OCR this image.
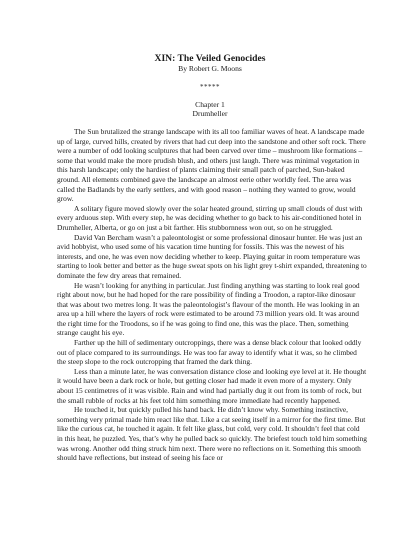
XIN: The Veiled Genocides
By Robert G. Moons
*****
Chapter 1
Drumheller

The Sun brutalized the strange landscape with its all too familiar waves of heat. A landscape made up of large, curved hills, created by rivers that had cut deep into the sandstone and other soft rock. There were a number of odd looking sculptures that had been carved over time – mushroom like formations – some that would make the more prudish blush, and others just laugh. There was minimal vegetation in this harsh landscape; only the hardiest of plants claiming their small patch of parched, Sun-baked ground. All elements combined gave the landscape an almost eerie other worldly feel. The area was called the Badlands by the early settlers, and with good reason – nothing they wanted to grow, would grow.

A solitary figure moved slowly over the solar heated ground, stirring up small clouds of dust with every arduous step. With every step, he was deciding whether to go back to his air-conditioned hotel in Drumheller, Alberta, or go on just a bit farther. His stubbornness won out, so on he struggled.

David Van Bercham wasn’t a paleontologist or some professional dinosaur hunter. He was just an avid hobbyist, who used some of his vacation time hunting for fossils. This was the newest of his interests, and one, he was even now deciding whether to keep. Playing guitar in room temperature was starting to look better and better as the huge sweat spots on his light grey t-shirt expanded, threatening to dominate the few dry areas that remained.

He wasn’t looking for anything in particular. Just finding anything was starting to look real good right about now, but he had hoped for the rare possibility of finding a Troodon, a raptor-like dinosaur that was about two metres long. It was the paleontologist’s flavour of the month. He was looking in an area up a hill where the layers of rock were estimated to be around 73 million years old. It was around the right time for the Troodons, so if he was going to find one, this was the place. Then, something strange caught his eye.

Farther up the hill of sedimentary outcroppings, there was a dense black colour that looked oddly out of place compared to its surroundings. He was too far away to identify what it was, so he climbed the steep slope to the rock outcropping that framed the dark thing.

Less than a minute later, he was conversation distance close and looking eye level at it. He thought it would have been a dark rock or hole, but getting closer had made it even more of a mystery. Only about 15 centimetres of it was visible. Rain and wind had partially dug it out from its tomb of rock, but the small rubble of rocks at his feet told him something more immediate had recently happened.

He touched it, but quickly pulled his hand back. He didn’t know why. Something instinctive, something very primal made him react like that. Like a cat seeing itself in a mirror for the first time. But like the curious cat, he touched it again. It felt like glass, but cold, very cold. It shouldn’t feel that cold in this heat, he puzzled. Yes, that’s why he pulled back so quickly. The briefest touch told him something was wrong. Another odd thing struck him next. There were no reflections on it. Something this smooth should have reflections, but instead of seeing his face or
